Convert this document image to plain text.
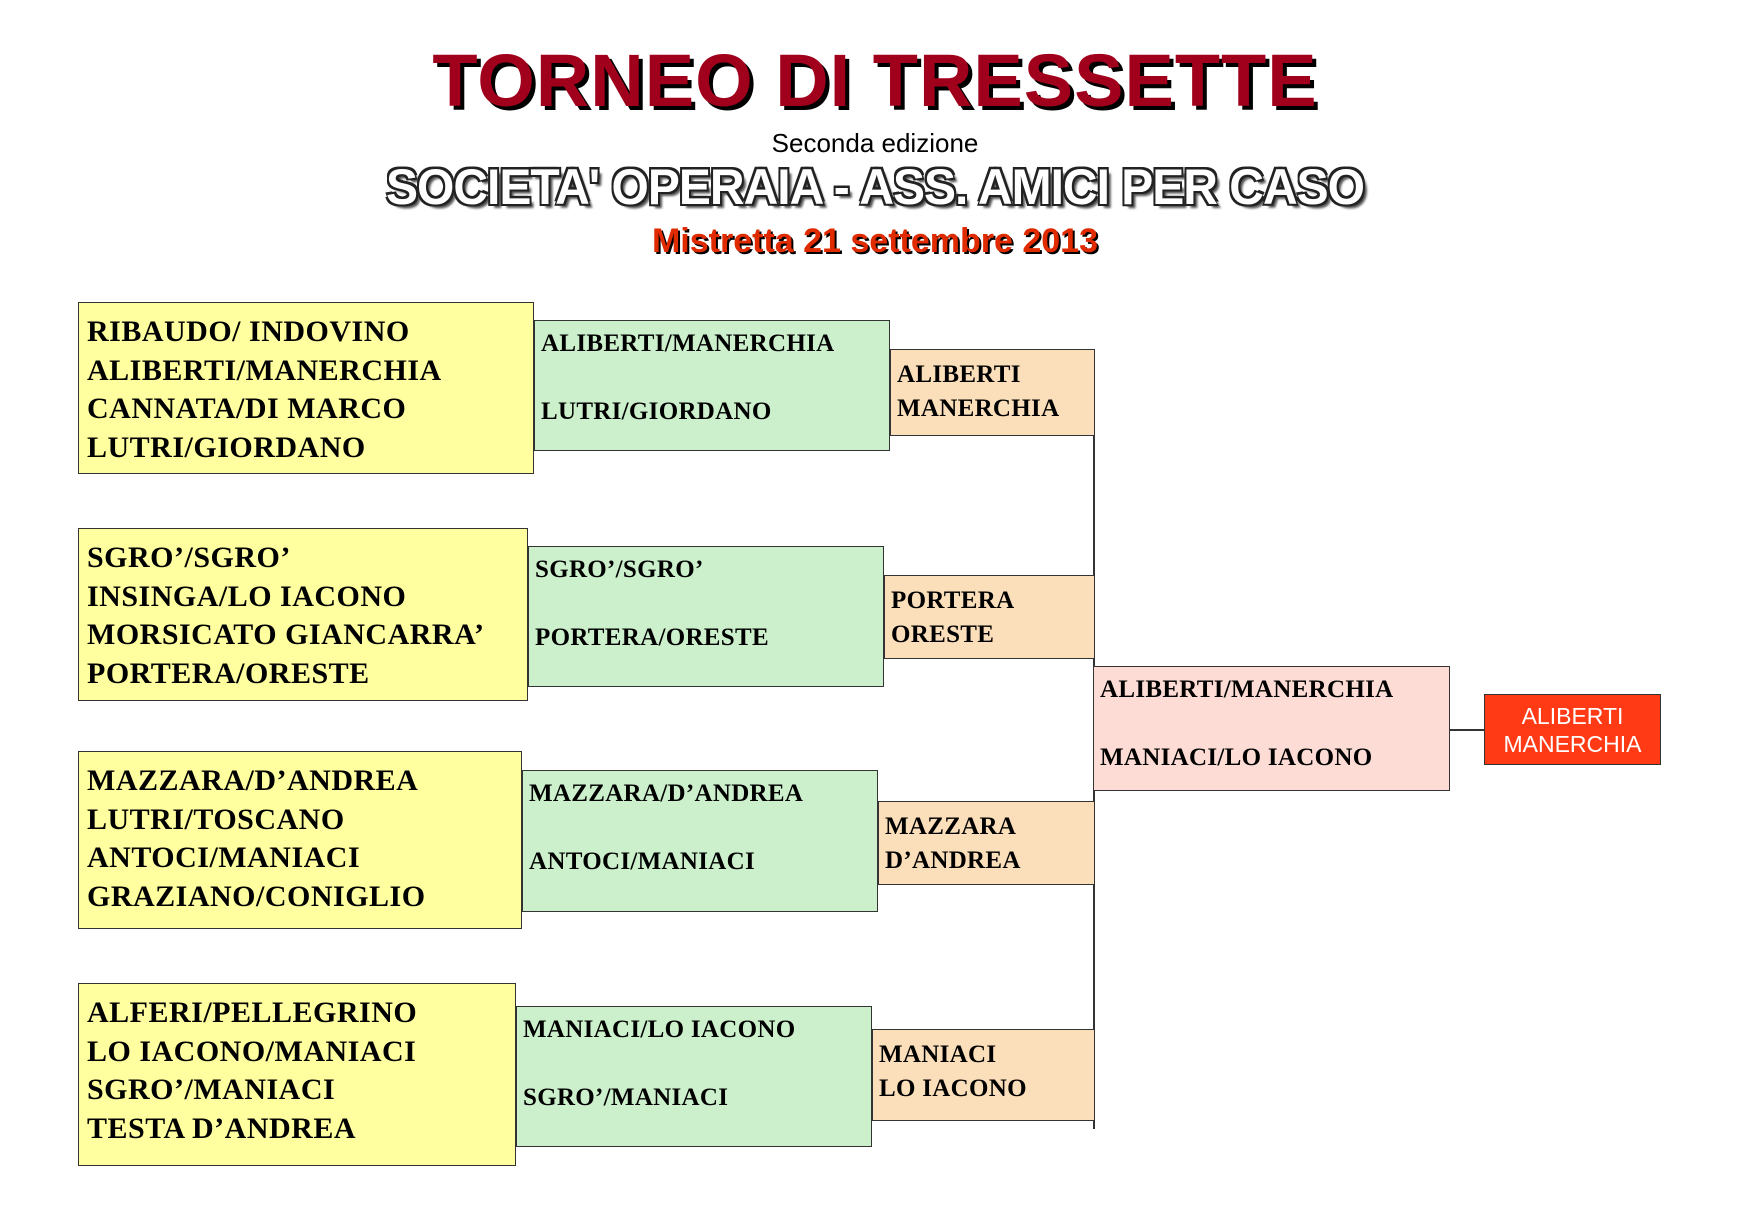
TORNEO DI TRESSETTE
Seconda edizione
SOCIETA' OPERAIA - ASS. AMICI PER CASO
Mistretta 21 settembre 2013
RIBAUDO/ INDOVINO
ALIBERTI/MANERCHIA
CANNATA/DI MARCO
LUTRI/GIORDANO
ALIBERTI/MANERCHIA
LUTRI/GIORDANO
ALIBERTI
MANERCHIA
SGRO’/SGRO’
INSINGA/LO IACONO
MORSICATO GIANCARRA’
PORTERA/ORESTE
SGRO’/SGRO’
PORTERA/ORESTE
PORTERA
ORESTE
MAZZARA/D’ANDREA
LUTRI/TOSCANO
ANTOCI/MANIACI
GRAZIANO/CONIGLIO
MAZZARA/D’ANDREA
ANTOCI/MANIACI
MAZZARA
D’ANDREA
ALFERI/PELLEGRINO
LO IACONO/MANIACI
SGRO’/MANIACI
TESTA D’ANDREA
MANIACI/LO IACONO
SGRO’/MANIACI
MANIACI
LO IACONO
ALIBERTI/MANERCHIA
MANIACI/LO IACONO
ALIBERTI
MANERCHIA
